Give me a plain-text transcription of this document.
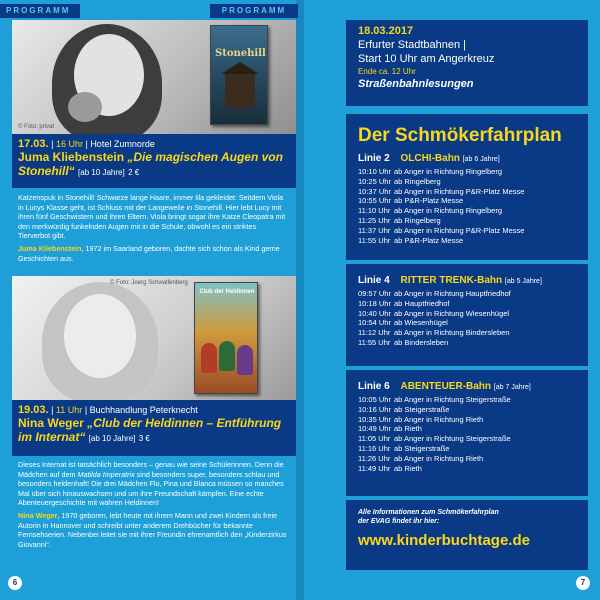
PROGRAMM	PROGRAMM
© Foto: privat
Stonehill
17.03. | 16 Uhr | Hotel Zumnorde
Juma Kliebenstein „Die magischen Augen von Stonehill“ [ab 10 Jahre] 2 €

Katzenspuk in Stonehill! Schwarze lange Haare, immer lila gekleidet: Seitdem Viola in Lucys Klasse geht, ist Schluss mit der Langeweile in Stonehill. Hier lebt Lucy mit ihren fünf Geschwistern und ihren Eltern. Viola bringt sogar ihre Katze Cleopatra mit den merkwürdig funkelnden Augen mit in die Schule, obwohl es ein striktes Tierverbot gibt.

Juma Kliebenstein, 1972 im Saarland geboren, dachte sich schon als Kind gerne Geschichten aus.

© Foto: Joerg Schwalfenberg
Club der Heldinnen
19.03. | 11 Uhr | Buchhandlung Peterknecht
Nina Weger „Club der Heldinnen – Entführung im Internat“ [ab 10 Jahre] 3 €

Dieses Internat ist tatsächlich besonders – genau wie seine Schülerinnen. Denn die Mädchen auf dem Matilda Imperatrix sind besonders super, besonders schlau und besonders heldenhaft! Die drei Mädchen Flo, Pina und Blanca müssen so manches Mal über sich hinauswachsen und um ihre Freundschaft kämpfen. Eine echte Abenteuergeschichte mit wahren Heldinnen!

Nina Weger, 1970 geboren, lebt heute mit ihrem Mann und zwei Kindern als freie Autorin in Hannover und schreibt unter anderem Drehbücher für bekannte Fernsehserien. Nebenbei leitet sie mit ihrer Freundin ehrenamtlich den „Kinderzirkus Giovanni“.

6
18.03.2017
Erfurter Stadtbahnen |
Start 10 Uhr am Angerkreuz
Ende ca. 12 Uhr
Straßenbahnlesungen
Der Schmökerfahrplan
Linie 2 OLCHI-Bahn [ab 6 Jahre]
10:10 Uhr ab Anger in Richtung Ringelberg
10:25 Uhr ab Ringelberg
10:37 Uhr ab Anger in Richtung P&R-Platz Messe
10:55 Uhr ab P&R-Platz Messe
11:10 Uhr ab Anger in Richtung Ringelberg
11:25 Uhr ab Ringelberg
11:37 Uhr ab Anger in Richtung P&R-Platz Messe
11:55 Uhr ab P&R-Platz Messe
Linie 4 RITTER TRENK-Bahn [ab 5 Jahre]
09:57 Uhr ab Anger in Richtung Hauptfriedhof
10:18 Uhr ab Hauptfriedhof
10:40 Uhr ab Anger in Richtung Wiesenhügel
10:54 Uhr ab Wiesenhügel
11:12 Uhr ab Anger in Richtung Bindersleben
11:55 Uhr ab Bindersleben
Linie 6 ABENTEUER-Bahn [ab 7 Jahre]
10:05 Uhr ab Anger in Richtung Steigerstraße
10:16 Uhr ab Steigerstraße
10:35 Uhr ab Anger in Richtung Rieth
10:49 Uhr ab Rieth
11:05 Uhr ab Anger in Richtung Steigerstraße
11:16 Uhr ab Steigerstraße
11:26 Uhr ab Anger in Richtung Rieth
11:49 Uhr ab Rieth
Alle Informationen zum Schmökerfahrplan
der EVAG findet ihr hier:
www.kinderbuchtage.de
7
